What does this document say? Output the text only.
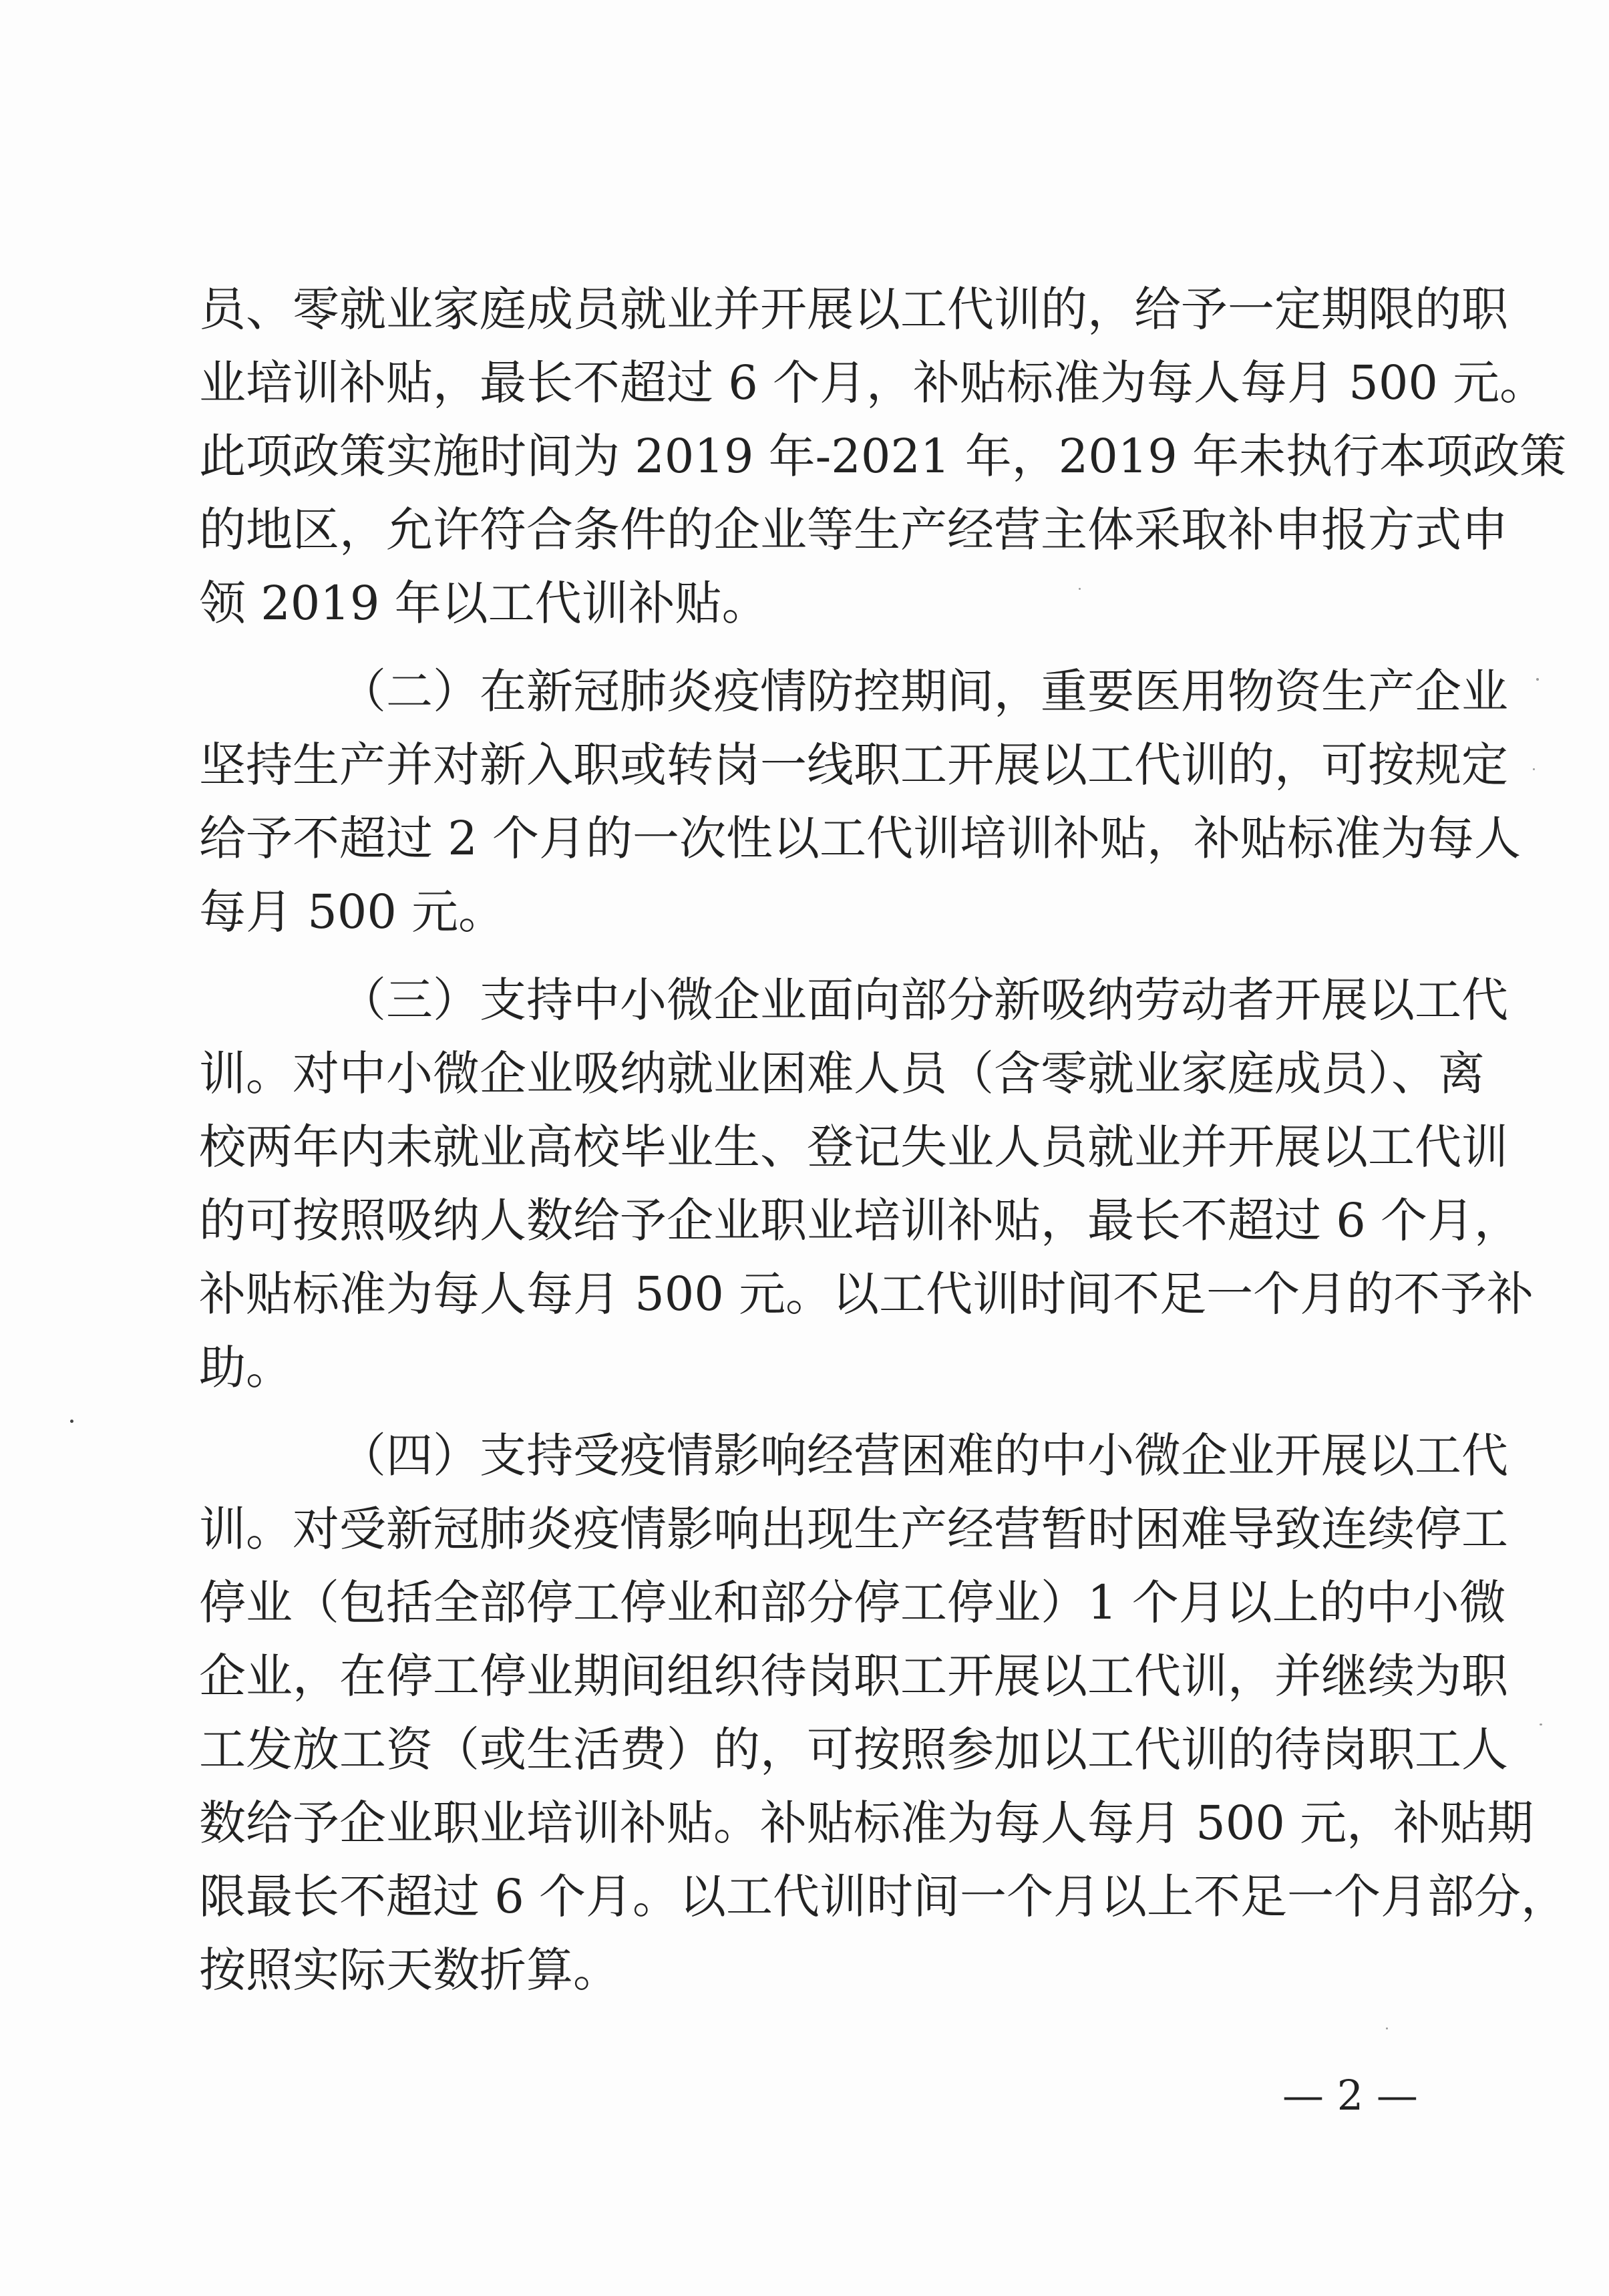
员、零就业家庭成员就业并开展以工代训的，给予一定期限的职
业培训补贴，最长不超过 6 个月，补贴标准为每人每月 500 元。
此项政策实施时间为 2019 年-2021 年，2019 年未执行本项政策
的地区，允许符合条件的企业等生产经营主体采取补申报方式申
领 2019 年以工代训补贴。
（二）在新冠肺炎疫情防控期间，重要医用物资生产企业
坚持生产并对新入职或转岗一线职工开展以工代训的，可按规定
给予不超过 2 个月的一次性以工代训培训补贴，补贴标准为每人
每月 500 元。
（三）支持中小微企业面向部分新吸纳劳动者开展以工代
训。对中小微企业吸纳就业困难人员（含零就业家庭成员）、离
校两年内未就业高校毕业生、登记失业人员就业并开展以工代训
的可按照吸纳人数给予企业职业培训补贴，最长不超过 6 个月，
补贴标准为每人每月 500 元。以工代训时间不足一个月的不予补
助。
（四）支持受疫情影响经营困难的中小微企业开展以工代
训。对受新冠肺炎疫情影响出现生产经营暂时困难导致连续停工
停业（包括全部停工停业和部分停工停业）1 个月以上的中小微
企业，在停工停业期间组织待岗职工开展以工代训，并继续为职
工发放工资（或生活费）的，可按照参加以工代训的待岗职工人
数给予企业职业培训补贴。补贴标准为每人每月 500 元，补贴期
限最长不超过 6 个月。以工代训时间一个月以上不足一个月部分，
按照实际天数折算。
— 2 —
